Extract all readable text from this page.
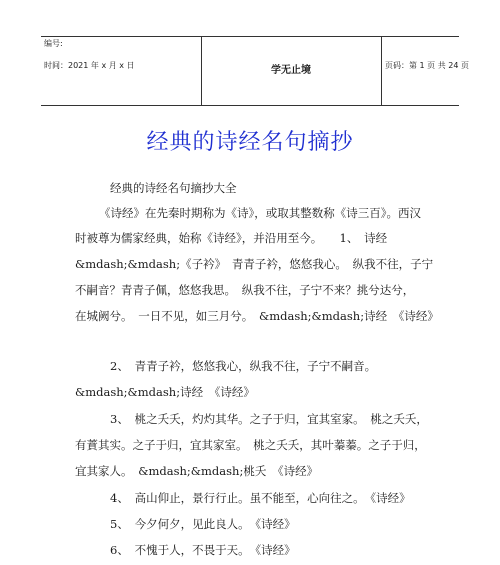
编号:
时间：2021 年 x 月 x 日	学无止境	页码：第 1 页 共 24 页
经典的诗经名句摘抄
经典的诗经名句摘抄大全
《诗经》在先秦时期称为《诗》，或取其整数称《诗三百》。西汉
时被尊为儒家经典，始称《诗经》，并沿用至今。　　1、　诗经
&mdash;&mdash;《子衿》　青青子衿，悠悠我心。　纵我不往，子宁
不嗣音？青青子佩，悠悠我思。　纵我不往，子宁不来？挑兮达兮，
在城阙兮。　一日不见，如三月兮。　&mdash;&mdash;诗经　《诗经》
2、　青青子衿，悠悠我心，纵我不往，子宁不嗣音。
&mdash;&mdash;诗经　《诗经》
3、　桃之夭夭，灼灼其华。之子于归，宜其室家。　桃之夭夭，
有蕡其实。之子于归，宜其家室。　桃之夭夭，其叶蓁蓁。之子于归，
宜其家人。　&mdash;&mdash;桃夭　《诗经》
4、　高山仰止，景行行止。虽不能至，心向往之。　《诗经》
5、　今夕何夕，见此良人。　《诗经》
6、　不愧于人，不畏于天。　《诗经》
